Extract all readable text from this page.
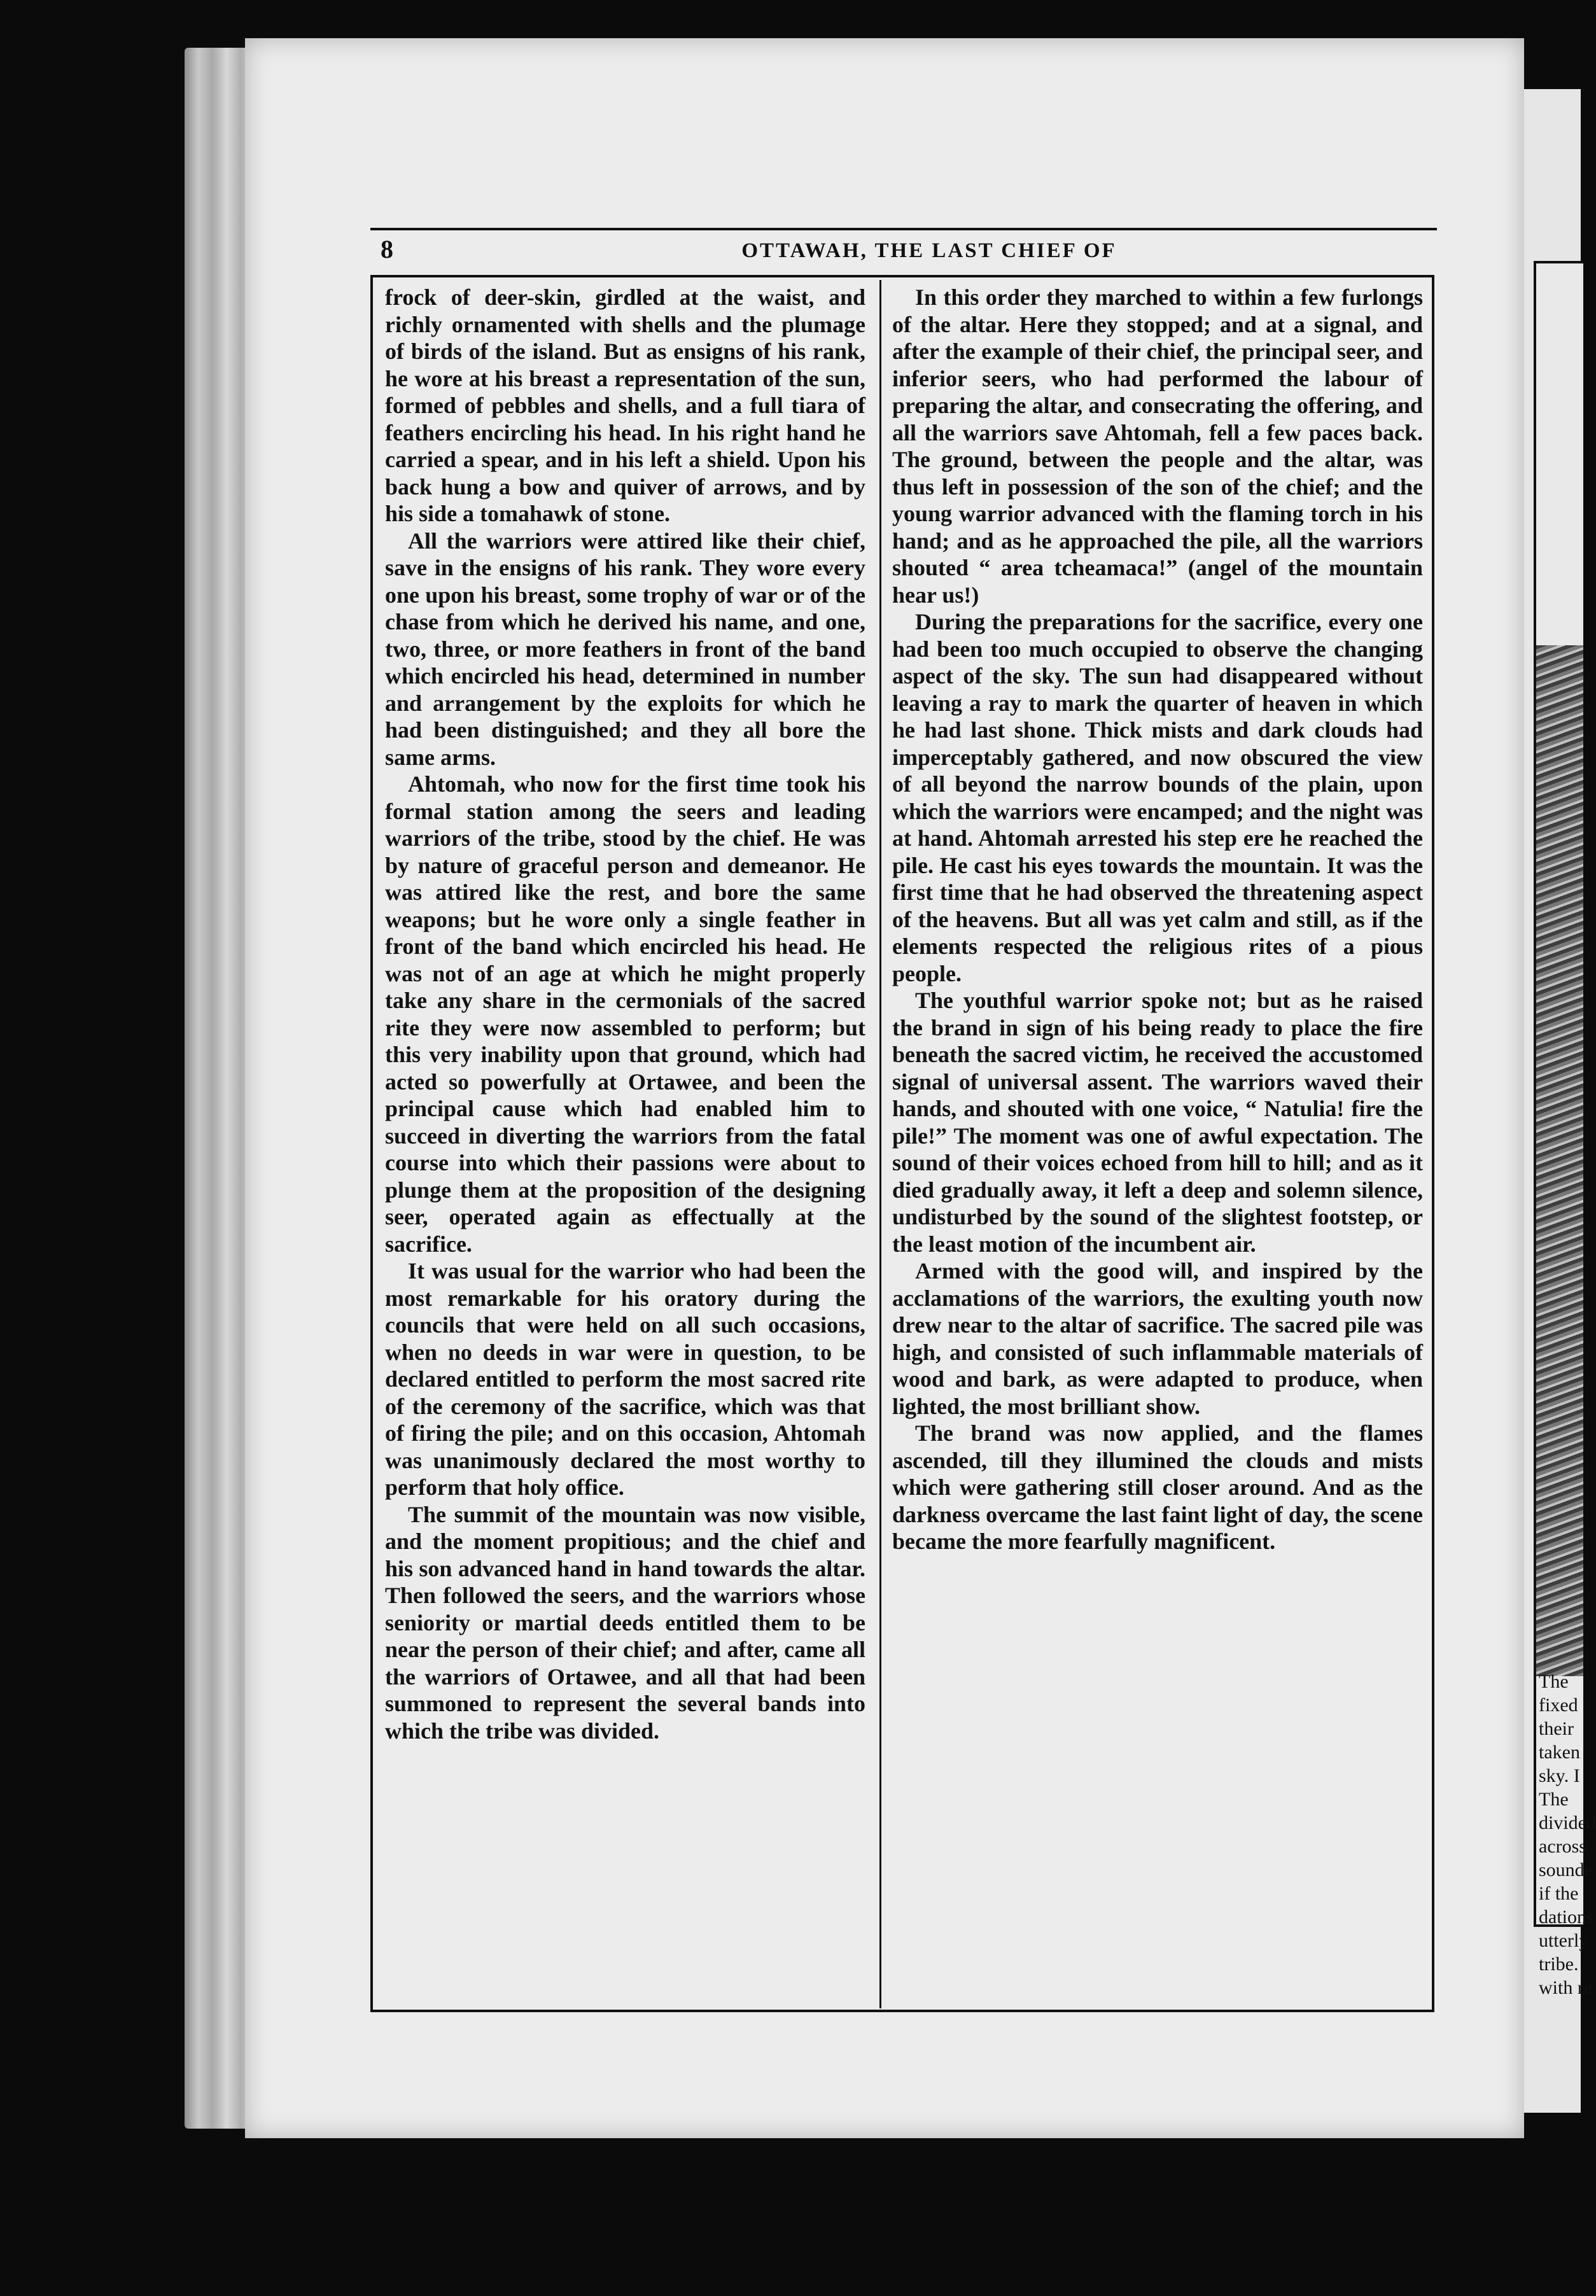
The
fixed
their
taken
sky. I
The
divided
across
sounde
if the
dations
utterly
tribe.
with re
8	OTTAWAH, THE LAST CHIEF OF

frock of deer-skin, girdled at the waist, and richly ornamented with shells and the plumage of birds of the island. But as ensigns of his rank, he wore at his breast a representation of the sun, formed of pebbles and shells, and a full tiara of feathers encircling his head. In his right hand he carried a spear, and in his left a shield. Upon his back hung a bow and quiver of arrows, and by his side a tomahawk of stone.

All the warriors were attired like their chief, save in the ensigns of his rank. They wore every one upon his breast, some trophy of war or of the chase from which he derived his name, and one, two, three, or more feathers in front of the band which encircled his head, determined in number and arrangement by the exploits for which he had been distinguished; and they all bore the same arms.

Ahtomah, who now for the first time took his formal station among the seers and leading warriors of the tribe, stood by the chief. He was by nature of graceful person and demeanor. He was attired like the rest, and bore the same weapons; but he wore only a single feather in front of the band which encircled his head. He was not of an age at which he might properly take any share in the cermonials of the sacred rite they were now assembled to perform; but this very inability upon that ground, which had acted so powerfully at Ortawee, and been the principal cause which had enabled him to succeed in diverting the warriors from the fatal course into which their passions were about to plunge them at the proposition of the designing seer, operated again as effectually at the sacrifice.

It was usual for the warrior who had been the most remarkable for his oratory during the councils that were held on all such occasions, when no deeds in war were in question, to be declared entitled to perform the most sacred rite of the ceremony of the sacrifice, which was that of firing the pile; and on this occasion, Ahtomah was unanimously declared the most worthy to perform that holy office.

The summit of the mountain was now visible, and the moment propitious; and the chief and his son advanced hand in hand towards the altar. Then followed the seers, and the warriors whose seniority or martial deeds entitled them to be near the person of their chief; and after, came all the warriors of Ortawee, and all that had been summoned to represent the several bands into which the tribe was divided.

In this order they marched to within a few furlongs of the altar. Here they stopped; and at a signal, and after the example of their chief, the principal seer, and inferior seers, who had performed the labour of preparing the altar, and consecrating the offering, and all the warriors save Ahtomah, fell a few paces back. The ground, between the people and the altar, was thus left in possession of the son of the chief; and the young warrior advanced with the flaming torch in his hand; and as he approached the pile, all the warriors shouted “ area tcheamaca!” (angel of the mountain hear us!)

During the preparations for the sacrifice, every one had been too much occupied to observe the changing aspect of the sky. The sun had disappeared without leaving a ray to mark the quarter of heaven in which he had last shone. Thick mists and dark clouds had imperceptably gathered, and now obscured the view of all beyond the narrow bounds of the plain, upon which the warriors were encamped; and the night was at hand. Ahtomah arrested his step ere he reached the pile. He cast his eyes towards the mountain. It was the first time that he had observed the threatening aspect of the heavens. But all was yet calm and still, as if the elements respected the religious rites of a pious people.

The youthful warrior spoke not; but as he raised the brand in sign of his being ready to place the fire beneath the sacred victim, he received the accustomed signal of universal assent. The warriors waved their hands, and shouted with one voice, “ Natulia! fire the pile!” The moment was one of awful expectation. The sound of their voices echoed from hill to hill; and as it died gradually away, it left a deep and solemn silence, undisturbed by the sound of the slightest footstep, or the least motion of the incumbent air.

Armed with the good will, and inspired by the acclamations of the warriors, the exulting youth now drew near to the altar of sacrifice. The sacred pile was high, and consisted of such inflammable materials of wood and bark, as were adapted to produce, when lighted, the most brilliant show.

The brand was now applied, and the flames ascended, till they illumined the clouds and mists which were gathering still closer around. And as the darkness overcame the last faint light of day, the scene became the more fearfully magnificent.
